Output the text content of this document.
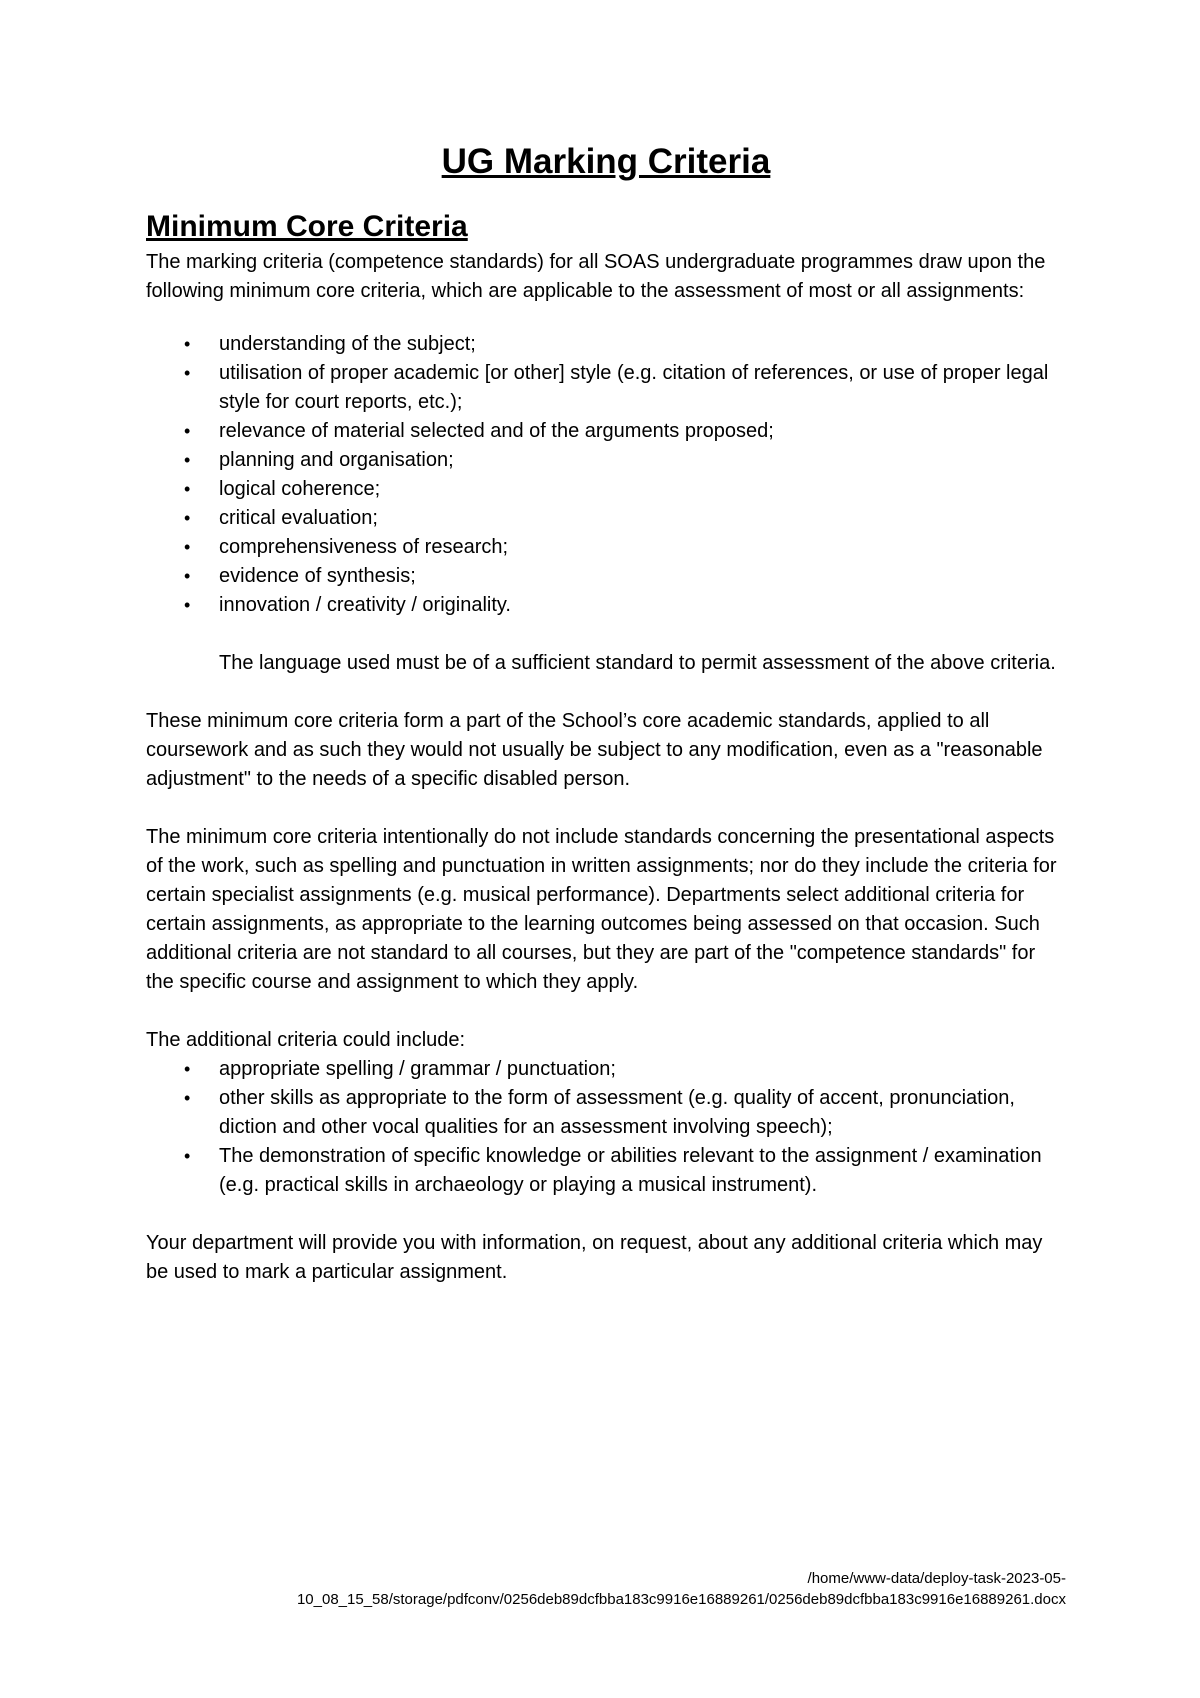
UG Marking Criteria
Minimum Core Criteria

The marking criteria (competence standards) for all SOAS undergraduate programmes draw upon the following minimum core criteria, which are applicable to the assessment of most or all assignments:

• understanding of the subject;
• utilisation of proper academic [or other] style (e.g. citation of references, or use of proper legal style for court reports, etc.);
• relevance of material selected and of the arguments proposed;
• planning and organisation;
• logical coherence;
• critical evaluation;
• comprehensiveness of research;
• evidence of synthesis;
• innovation / creativity / originality.

The language used must be of a sufficient standard to permit assessment of the above criteria.

These minimum core criteria form a part of the School’s core academic standards, applied to all coursework and as such they would not usually be subject to any modification, even as a "reasonable adjustment" to the needs of a specific disabled person.

The minimum core criteria intentionally do not include standards concerning the presentational aspects of the work, such as spelling and punctuation in written assignments; nor do they include the criteria for certain specialist assignments (e.g. musical performance). Departments select additional criteria for certain assignments, as appropriate to the learning outcomes being assessed on that occasion. Such additional criteria are not standard to all courses, but they are part of the "competence standards" for the specific course and assignment to which they apply.

The additional criteria could include:

• appropriate spelling / grammar / punctuation;
• other skills as appropriate to the form of assessment (e.g. quality of accent, pronunciation, diction and other vocal qualities for an assessment involving speech);
• The demonstration of specific knowledge or abilities relevant to the assignment / examination (e.g. practical skills in archaeology or playing a musical instrument).

Your department will provide you with information, on request, about any additional criteria which may be used to mark a particular assignment.

/home/www-data/deploy-task-2023-05-
10_08_15_58/storage/pdfconv/0256deb89dcfbba183c9916e16889261/0256deb89dcfbba183c9916e16889261.docx
